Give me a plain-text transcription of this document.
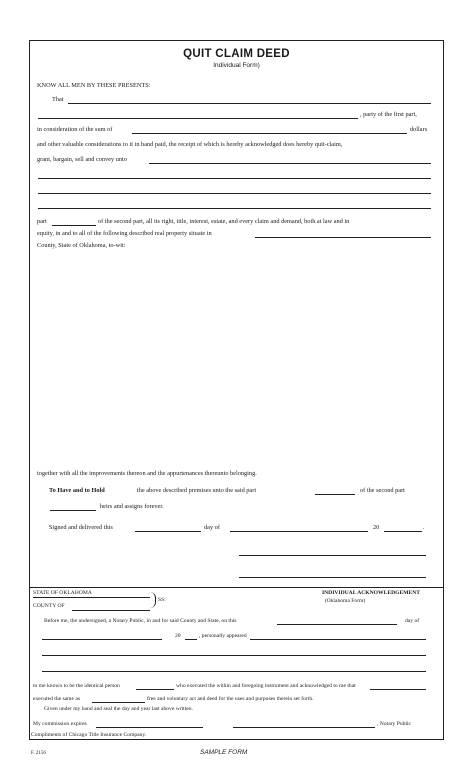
QUIT CLAIM DEED
Individual Form)
KNOW ALL MEN BY THESE PRESENTS:
That
, party of the first part,
in consideration of the sum of	dollars
and other valuable considerations to it in hand paid, the receipt of which is hereby acknowledged does hereby quit-claim,
grant, bargain, sell and convey unto
part	of the second part, all its right, title, interest, estate, and every claim and demand, both at law and in
equity, in and to all of the following described real property situate in
County, State of Oklahoma, to-wit:
together with all the improvements thereon and the appurtenances thereunto belonging.
To Have and to Hold	the above described premises unto the said part	of the second part
heirs and assigns forever.
Signed and delivered this	day of	20	.
STATE OF OKLAHOMA
COUNTY OF
SS:
INDIVIDUAL ACKNOWLEDGEMENT
(Oklahoma Form)
Before me, the undersigned, a Notary Public, in and for said County and State, on this	day of
20	, personally appeared
to me known to be the identical person	who executed the within and foregoing instrument and acknowledged to me that
executed the same as	free and voluntary act and deed for the uses and purposes therein set forth.
Given under my hand and seal the day and year last above written.
My commission expires	, Notary Public
Compliments of Chicago Title Insurance Company.
F. 2156	SAMPLE FORM
